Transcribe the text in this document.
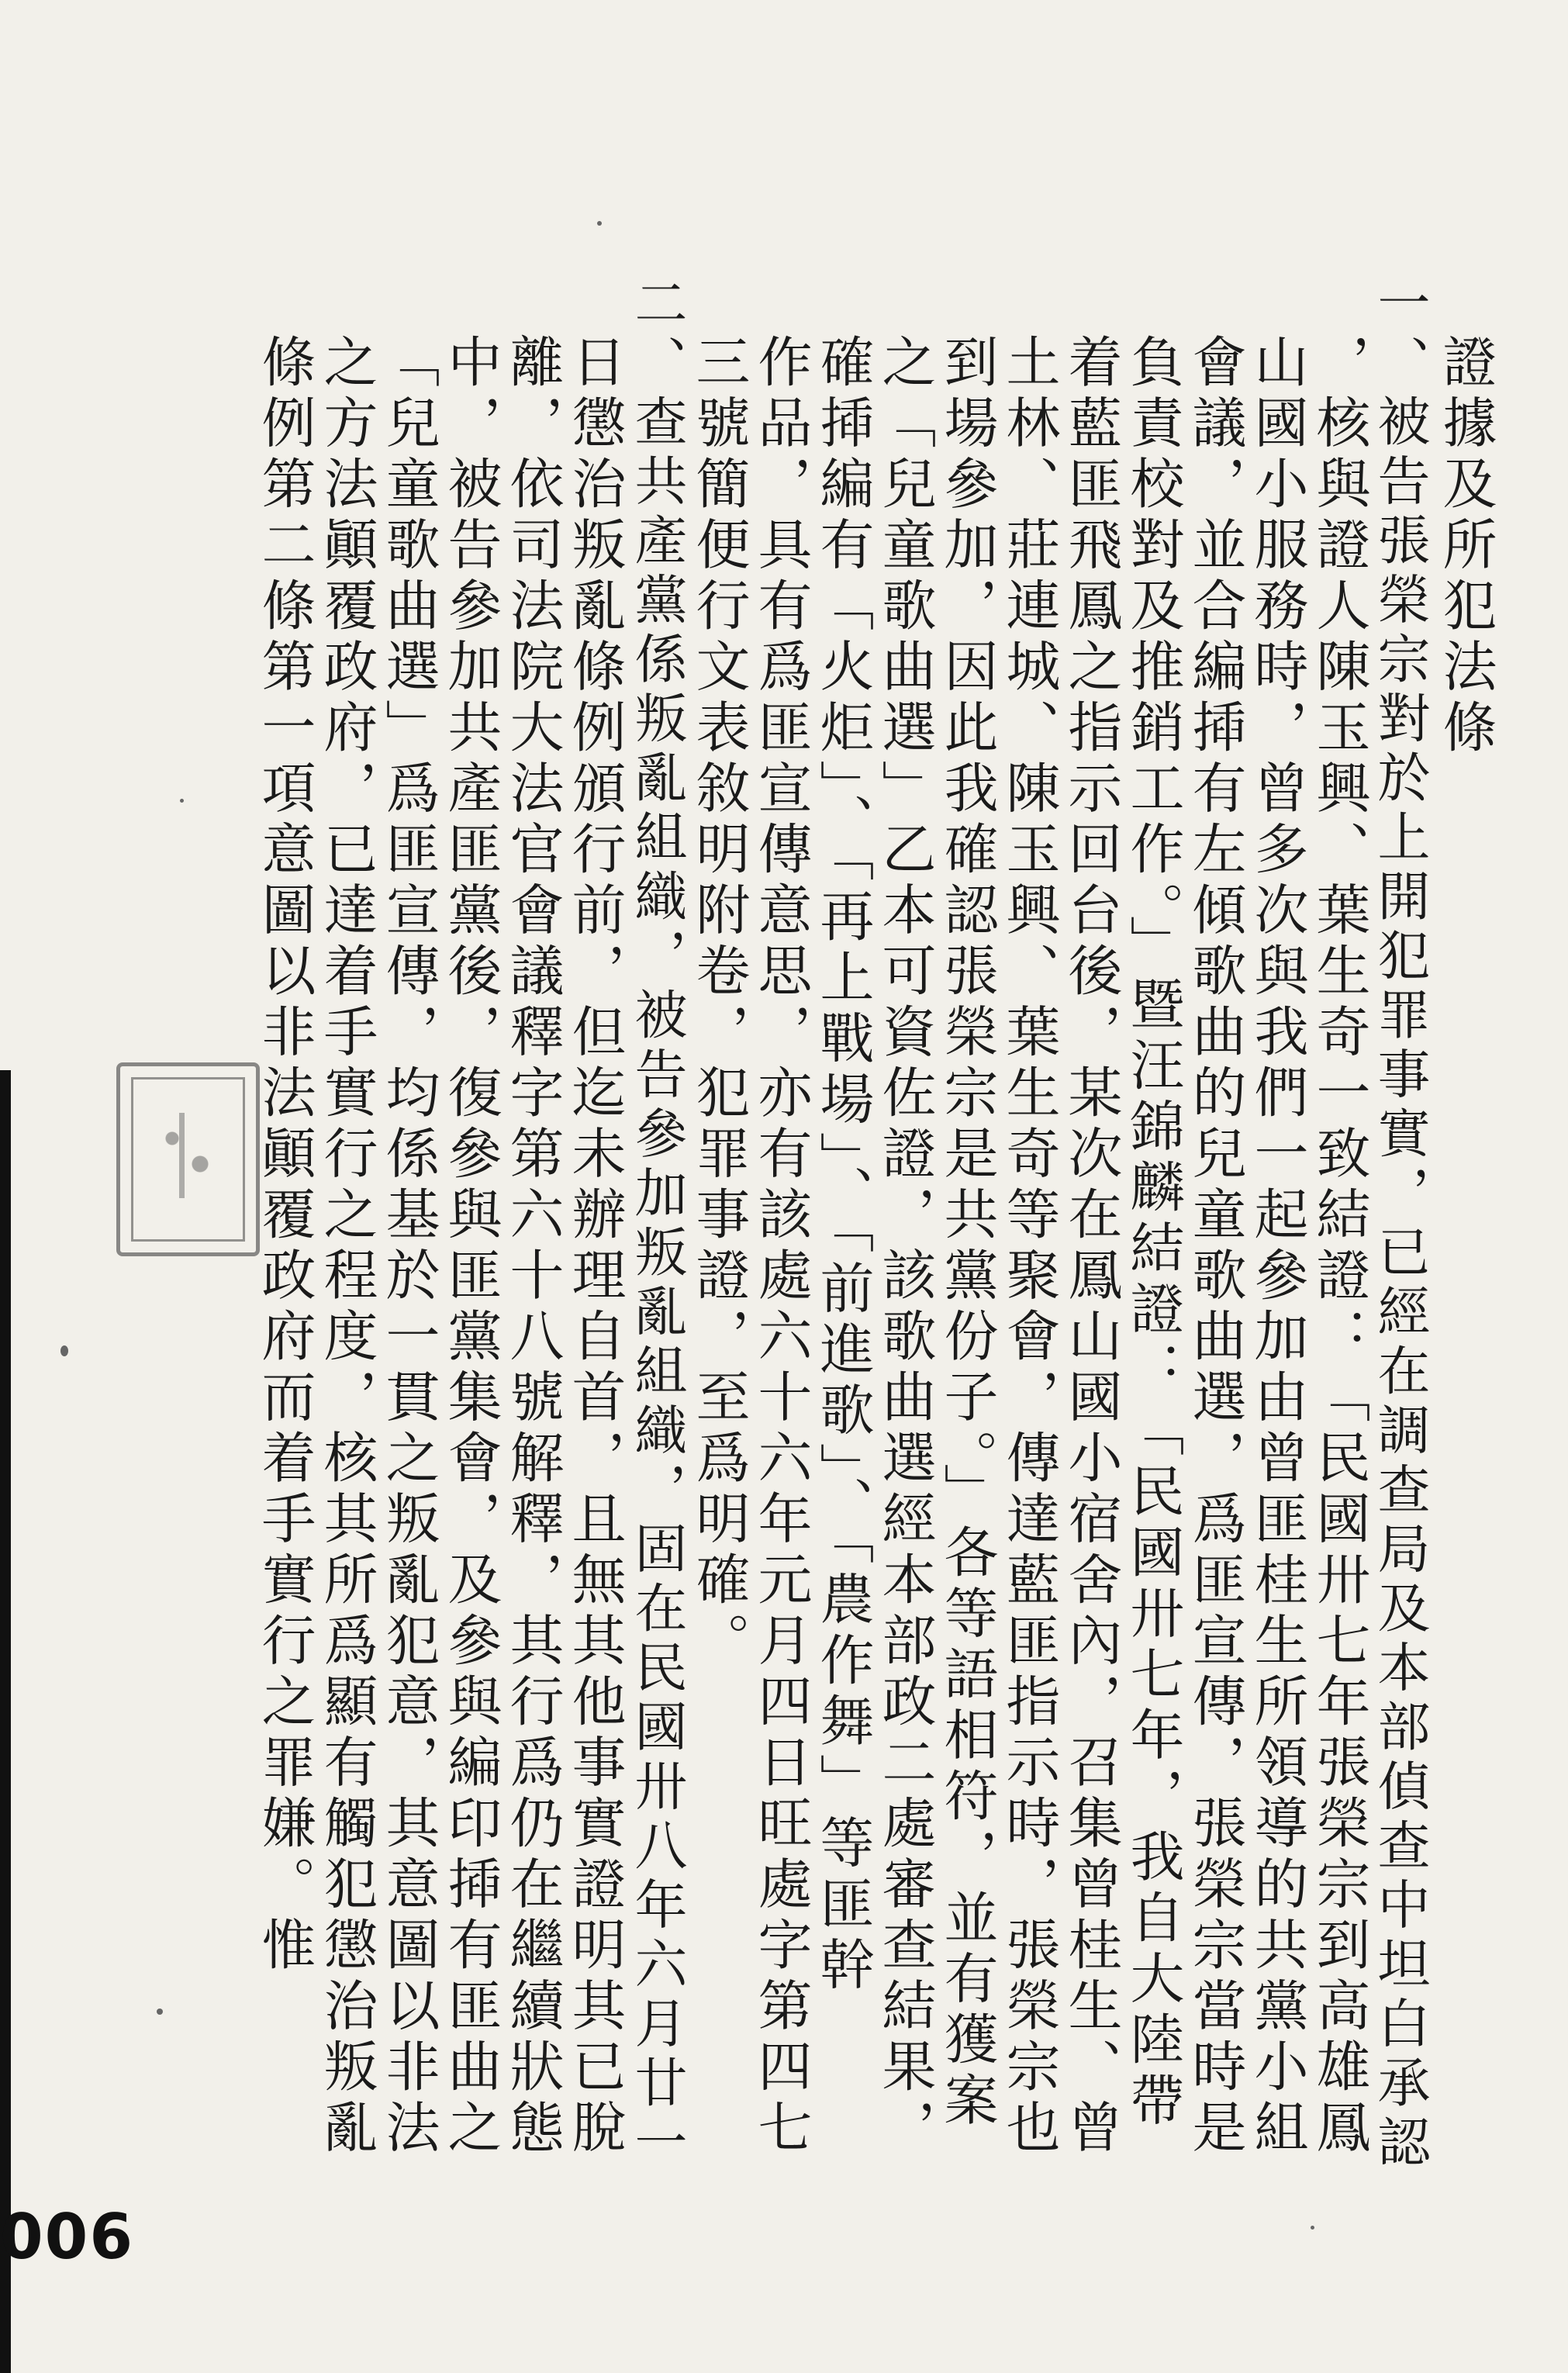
證據及所犯法條
一、被告張榮宗對於上開犯罪事實，已經在調查局及本部偵查中坦白承認
，核與證人陳玉興、葉生奇一致結證：「民國卅七年張榮宗到高雄鳳
山國小服務時，曾多次與我們一起參加由曾匪桂生所領導的共黨小組
會議，並合編揷有左傾歌曲的兒童歌曲選，爲匪宣傳，張榮宗當時是
負責校對及推銷工作。」暨汪錦麟結證：「民國卅七年，我自大陸帶
着藍匪飛鳳之指示回台後，某次在鳳山國小宿舍內，召集曾桂生、曾
土林、莊連城、陳玉興、葉生奇等聚會，傳達藍匪指示時，張榮宗也
到場參加，因此我確認張榮宗是共黨份子。」各等語相符，並有獲案
之「兒童歌曲選」乙本可資佐證，該歌曲選經本部政二處審查結果，
確揷編有「火炬」、「再上戰場」、「前進歌」、「農作舞」等匪幹
作品，具有爲匪宣傳意思，亦有該處六十六年元月四日旺處字第四七
三號簡便行文表敘明附卷，犯罪事證，至爲明確。
二、查共產黨係叛亂組織，被告參加叛亂組織，固在民國卅八年六月廿一
日懲治叛亂條例頒行前，但迄未辦理自首，且無其他事實證明其已脫
離，依司法院大法官會議釋字第六十八號解釋，其行爲仍在繼續狀態
中，被告參加共產匪黨後，復參與匪黨集會，及參與編印揷有匪曲之
「兒童歌曲選」爲匪宣傳，均係基於一貫之叛亂犯意，其意圖以非法
之方法顚覆政府，已達着手實行之程度，核其所爲顯有觸犯懲治叛亂
條例第二條第一項意圖以非法顚覆政府而着手實行之罪嫌。惟
006
